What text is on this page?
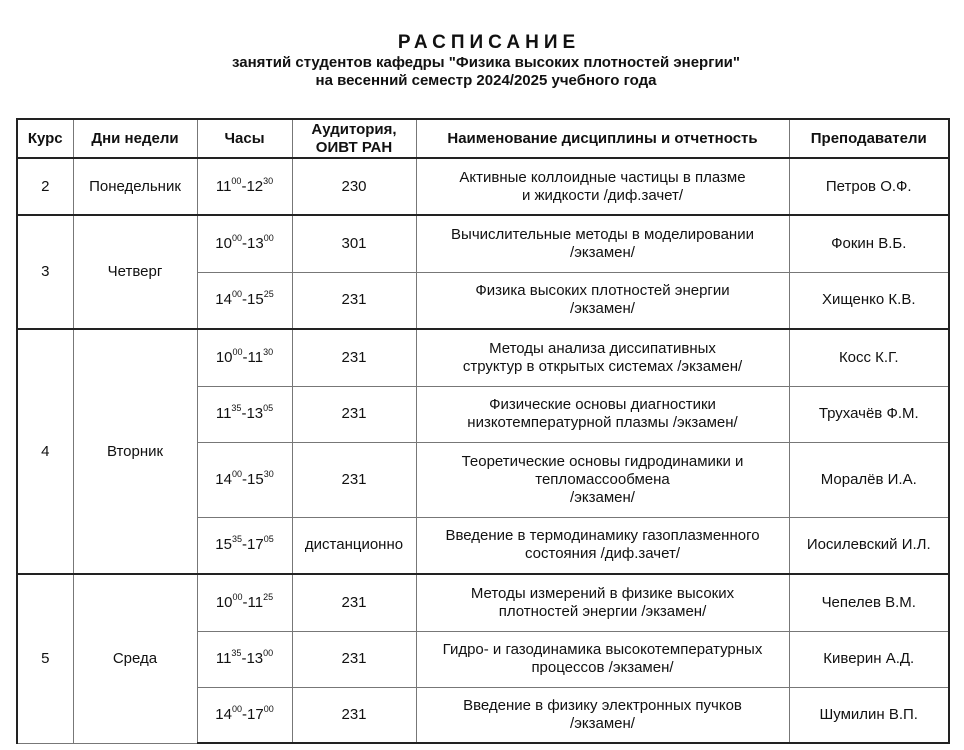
РАСПИСАНИЕ
занятий студентов кафедры "Физика высоких плотностей энергии"
на весенний семестр 2024/2025 учебного года
Курс	Дни недели	Часы	Аудитория, ОИВТ РАН	Наименование дисциплины и отчетность	Преподаватели
2	Понедельник	$11^{00}-12^{30}$	230	Активные коллоидные частицы в плазме
и жидкости /диф.зачет/	Петров О.Ф.
3	Четверг	$10^{00}-13^{00}$	301	Вычислительные методы в моделировании
/экзамен/	Фокин В.Б.
		$14^{00}-15^{25}$	231	Физика высоких плотностей энергии
/экзамен/	Хищенко К.В.
4	Вторник	$10^{00}-11^{30}$	231	Методы анализа диссипативных
структур в открытых системах /экзамен/	Косс К.Г.
		$11^{35}-13^{05}$	231	Физические основы диагностики
низкотемпературной плазмы /экзамен/	Трухачёв Ф.М.
		$14^{00}-15^{30}$	231	Теоретические основы гидродинамики и
тепломассообмена
/экзамен/	Моралёв И.А.
		$15^{35}-17^{05}$	дистанционно	Введение в термодинамику газоплазменного
состояния /диф.зачет/	Иосилевский И.Л.
5	Среда	$10^{00}-11^{25}$	231	Методы измерений в физике высоких
плотностей энергии /экзамен/	Чепелев В.М.
		$11^{35}-13^{00}$	231	Гидро- и газодинамика высокотемпературных
процессов /экзамен/	Киверин А.Д.
		$14^{00}-17^{00}$	231	Введение в физику электронных пучков
/экзамен/	Шумилин В.П.
